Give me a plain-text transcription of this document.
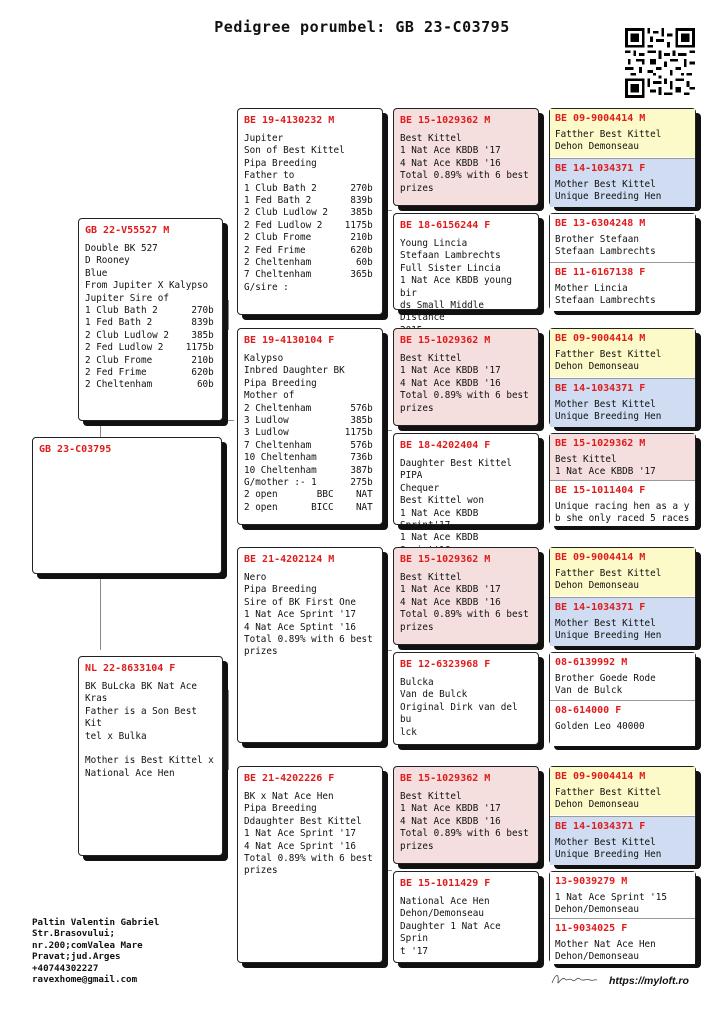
Pedigree porumbel: GB 23-C03795
GB 23-C03795
GB 22-V55527 M
Double BK 527
D Rooney
Blue
From Jupiter X Kalypso
Jupiter Sire of
1 Club Bath 2      270b
1 Fed Bath 2       839b
2 Club Ludlow 2    385b
2 Fed Ludlow 2    1175b
2 Club Frome       210b
2 Fed Frime        620b
2 Cheltenham        60b
NL 22-8633104 F
BK BuLcka BK Nat Ace
Kras
Father is a Son Best Kit
tel x Bulka

Mother is Best Kittel x
National Ace Hen
BE 19-4130232 M
Jupiter
Son of Best Kittel
Pipa Breeding
Father to
1 Club Bath 2      270b
1 Fed Bath 2       839b
2 Club Ludlow 2    385b
2 Fed Ludlow 2    1175b
2 Club Frome       210b
2 Fed Frime        620b
2 Cheltenham        60b
7 Cheltenham       365b
G/sire :
BE 19-4130104 F
Kalypso
Inbred Daughter BK
Pipa Breeding
Mother of
2 Cheltenham       576b
3 Ludlow           385b
3 Ludlow          1175b
7 Cheltenham       576b
10 Cheltenham      736b
10 Cheltenham      387b
G/mother :- 1      275b
2 open       BBC    NAT
2 open      BICC    NAT
BE 21-4202124 M
Nero
Pipa Breeding
Sire of BK First One
1 Nat Ace Sprint '17
4 Nat Ace Sptint '16
Total 0.89% with 6 best
prizes
BE 21-4202226 F
BK x Nat Ace Hen
Pipa Breeding
Ddaughter Best Kittel
1 Nat Ace Sprint '17
4 Nat Ace Sprint '16
Total 0.89% with 6 best
prizes
BE 15-1029362 M
Best Kittel
1 Nat Ace KBDB '17
4 Nat Ace KBDB '16
Total 0.89% with 6 best
prizes
BE 18-6156244 F
Young Lincia
Stefaan Lambrechts
Full Sister Lincia
1 Nat Ace KBDB young bir
ds Small Middle Distance

BE 15-1029362 M
Best Kittel
1 Nat Ace KBDB '17
4 Nat Ace KBDB '16
Total 0.89% with 6 best
prizes
BE 18-4202404 F
Daughter Best Kittel
PIPA
Chequer
Best Kittel won
1 Nat Ace KBDB Sprint'17
1 Nat Ace KBDB
BE 15-1029362 M
Best Kittel
1 Nat Ace KBDB '17
4 Nat Ace KBDB '16
Total 0.89% with 6 best
prizes
BE 12-6323968 F
Bulcka
Van de Bulck
Original Dirk van del bu
lck
BE 15-1029362 M
Best Kittel
1 Nat Ace KBDB '17
4 Nat Ace KBDB '16
Total 0.89% with 6 best
prizes
BE 15-1011429 F
National Ace Hen
Dehon/Demonseau
Daughter 1 Nat Ace Sprin
t '17
BE 09-9004414 M
Fatther Best Kittel
Dehon Demonseau
BE 14-1034371 F
Mother Best Kittel
Unique Breeding Hen
BE 13-6304248 M
Brother Stefaan
Stefaan Lambrechts
BE 11-6167138 F
Mother Lincia
Stefaan Lambrechts
BE 09-9004414 M
Fatther Best Kittel
Dehon Demonseau
BE 14-1034371 F
Mother Best Kittel
Unique Breeding Hen
BE 15-1029362 M
Best Kittel
1 Nat Ace KBDB '17
BE 15-1011404 F
Unique racing hen as a y
b she only raced 5 races
BE 09-9004414 M
Fatther Best Kittel
Dehon Demonseau
BE 14-1034371 F
Mother Best Kittel
Unique Breeding Hen
08-6139992 M
Brother Goede Rode
Van de Bulck
08-614000 F
Golden Leo 40000
BE 09-9004414 M
Fatther Best Kittel
Dehon Demonseau
BE 14-1034371 F
Mother Best Kittel
Unique Breeding Hen
13-9039279 M
1 Nat Ace Sprint '15
Dehon/Demonseau
11-9034025 F
Mother Nat Ace Hen
Dehon/Demonseau
Paltin Valentin Gabriel
Str.Brasovului;
nr.200;comValea Mare
Pravat;jud.Arges
+40744302227
ravexhome@gmail.com	https://myloft.ro
